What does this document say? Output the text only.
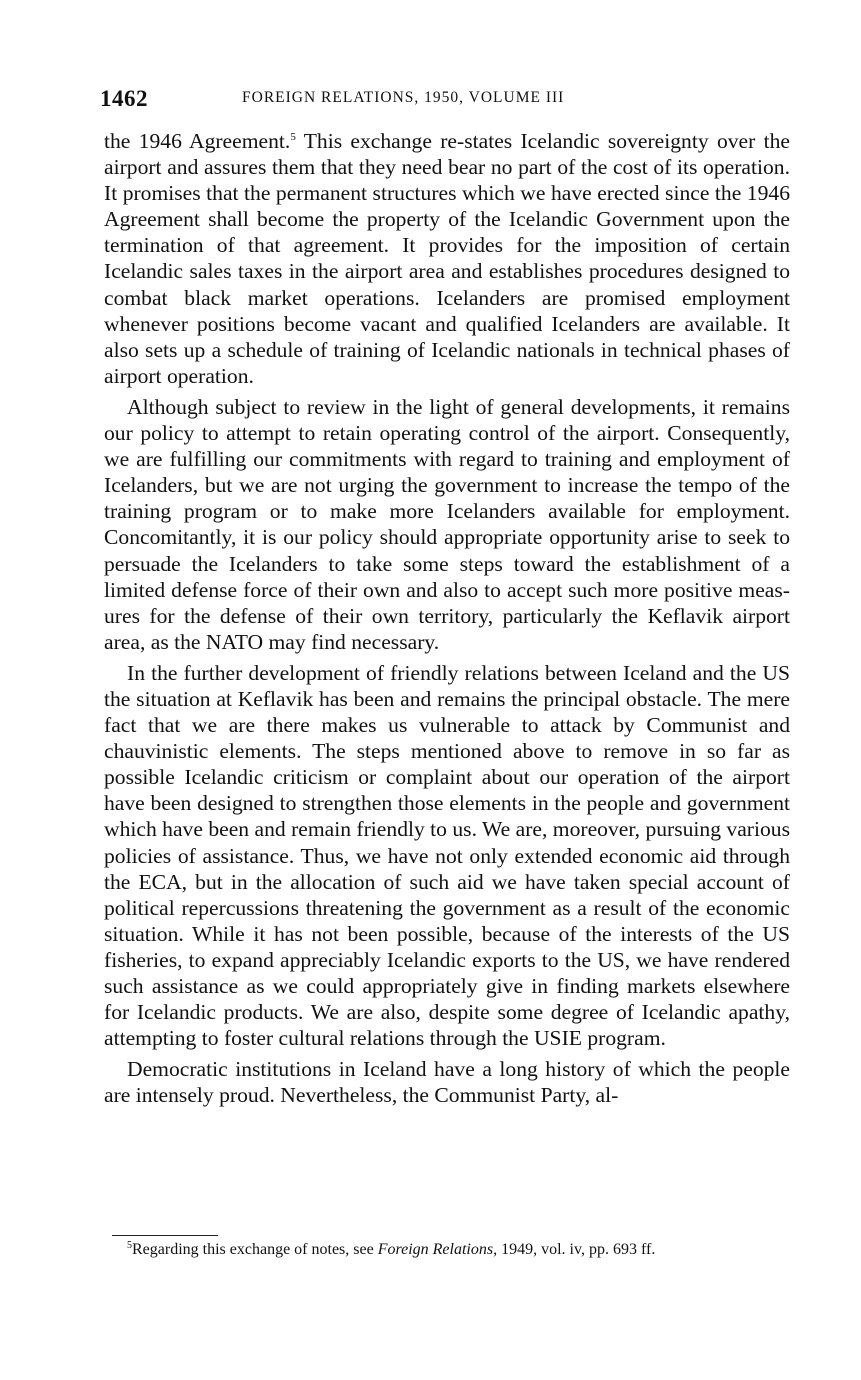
1462	FOREIGN RELATIONS, 1950, VOLUME III

the 1946 Agreement.$^5$ This exchange re-states Icelandic sovereignty over the airport and assures them that they need bear no part of the cost of its operation. It promises that the permanent structures which we have erected since the 1946 Agreement shall become the property of the Icelandic Government upon the termination of that agreement. It provides for the imposition of certain Icelandic sales taxes in the airport area and establishes procedures designed to combat black market operations. Icelanders are promised employment whenever positions become vacant and qualified Icelanders are available. It also sets up a schedule of training of Icelandic nationals in technical phases of airport operation.

Although subject to review in the light of general developments, it remains our policy to attempt to retain operating control of the airport. Consequently, we are fulfilling our commitments with regard to training and employment of Icelanders, but we are not urging the government to increase the tempo of the training program or to make more Icelanders available for employment. Concomitantly, it is our policy should appropriate opportunity arise to seek to persuade the Icelanders to take some steps toward the establishment of a limited defense force of their own and also to accept such more positive measures for the defense of their own territory, particularly the Keflavik airport area, as the NATO may find necessary.

In the further development of friendly relations between Iceland and the US the situation at Keflavik has been and remains the principal obstacle. The mere fact that we are there makes us vulnerable to attack by Communist and chauvinistic elements. The steps mentioned above to remove in so far as possible Icelandic criticism or complaint about our operation of the airport have been designed to strengthen those elements in the people and government which have been and remain friendly to us. We are, moreover, pursuing various policies of assistance. Thus, we have not only extended economic aid through the ECA, but in the allocation of such aid we have taken special account of political repercussions threatening the government as a result of the economic situation. While it has not been possible, because of the interests of the US fisheries, to expand appreciably Icelandic exports to the US, we have rendered such assistance as we could appropriately give in finding markets elsewhere for Icelandic products. We are also, despite some degree of Icelandic apathy, attempting to foster cultural relations through the USIE program.

Democratic institutions in Iceland have a long history of which the people are intensely proud. Nevertheless, the Communist Party, al-

$^5$Regarding this exchange of notes, see Foreign Relations, 1949, vol. iv, pp. 693 ff.
